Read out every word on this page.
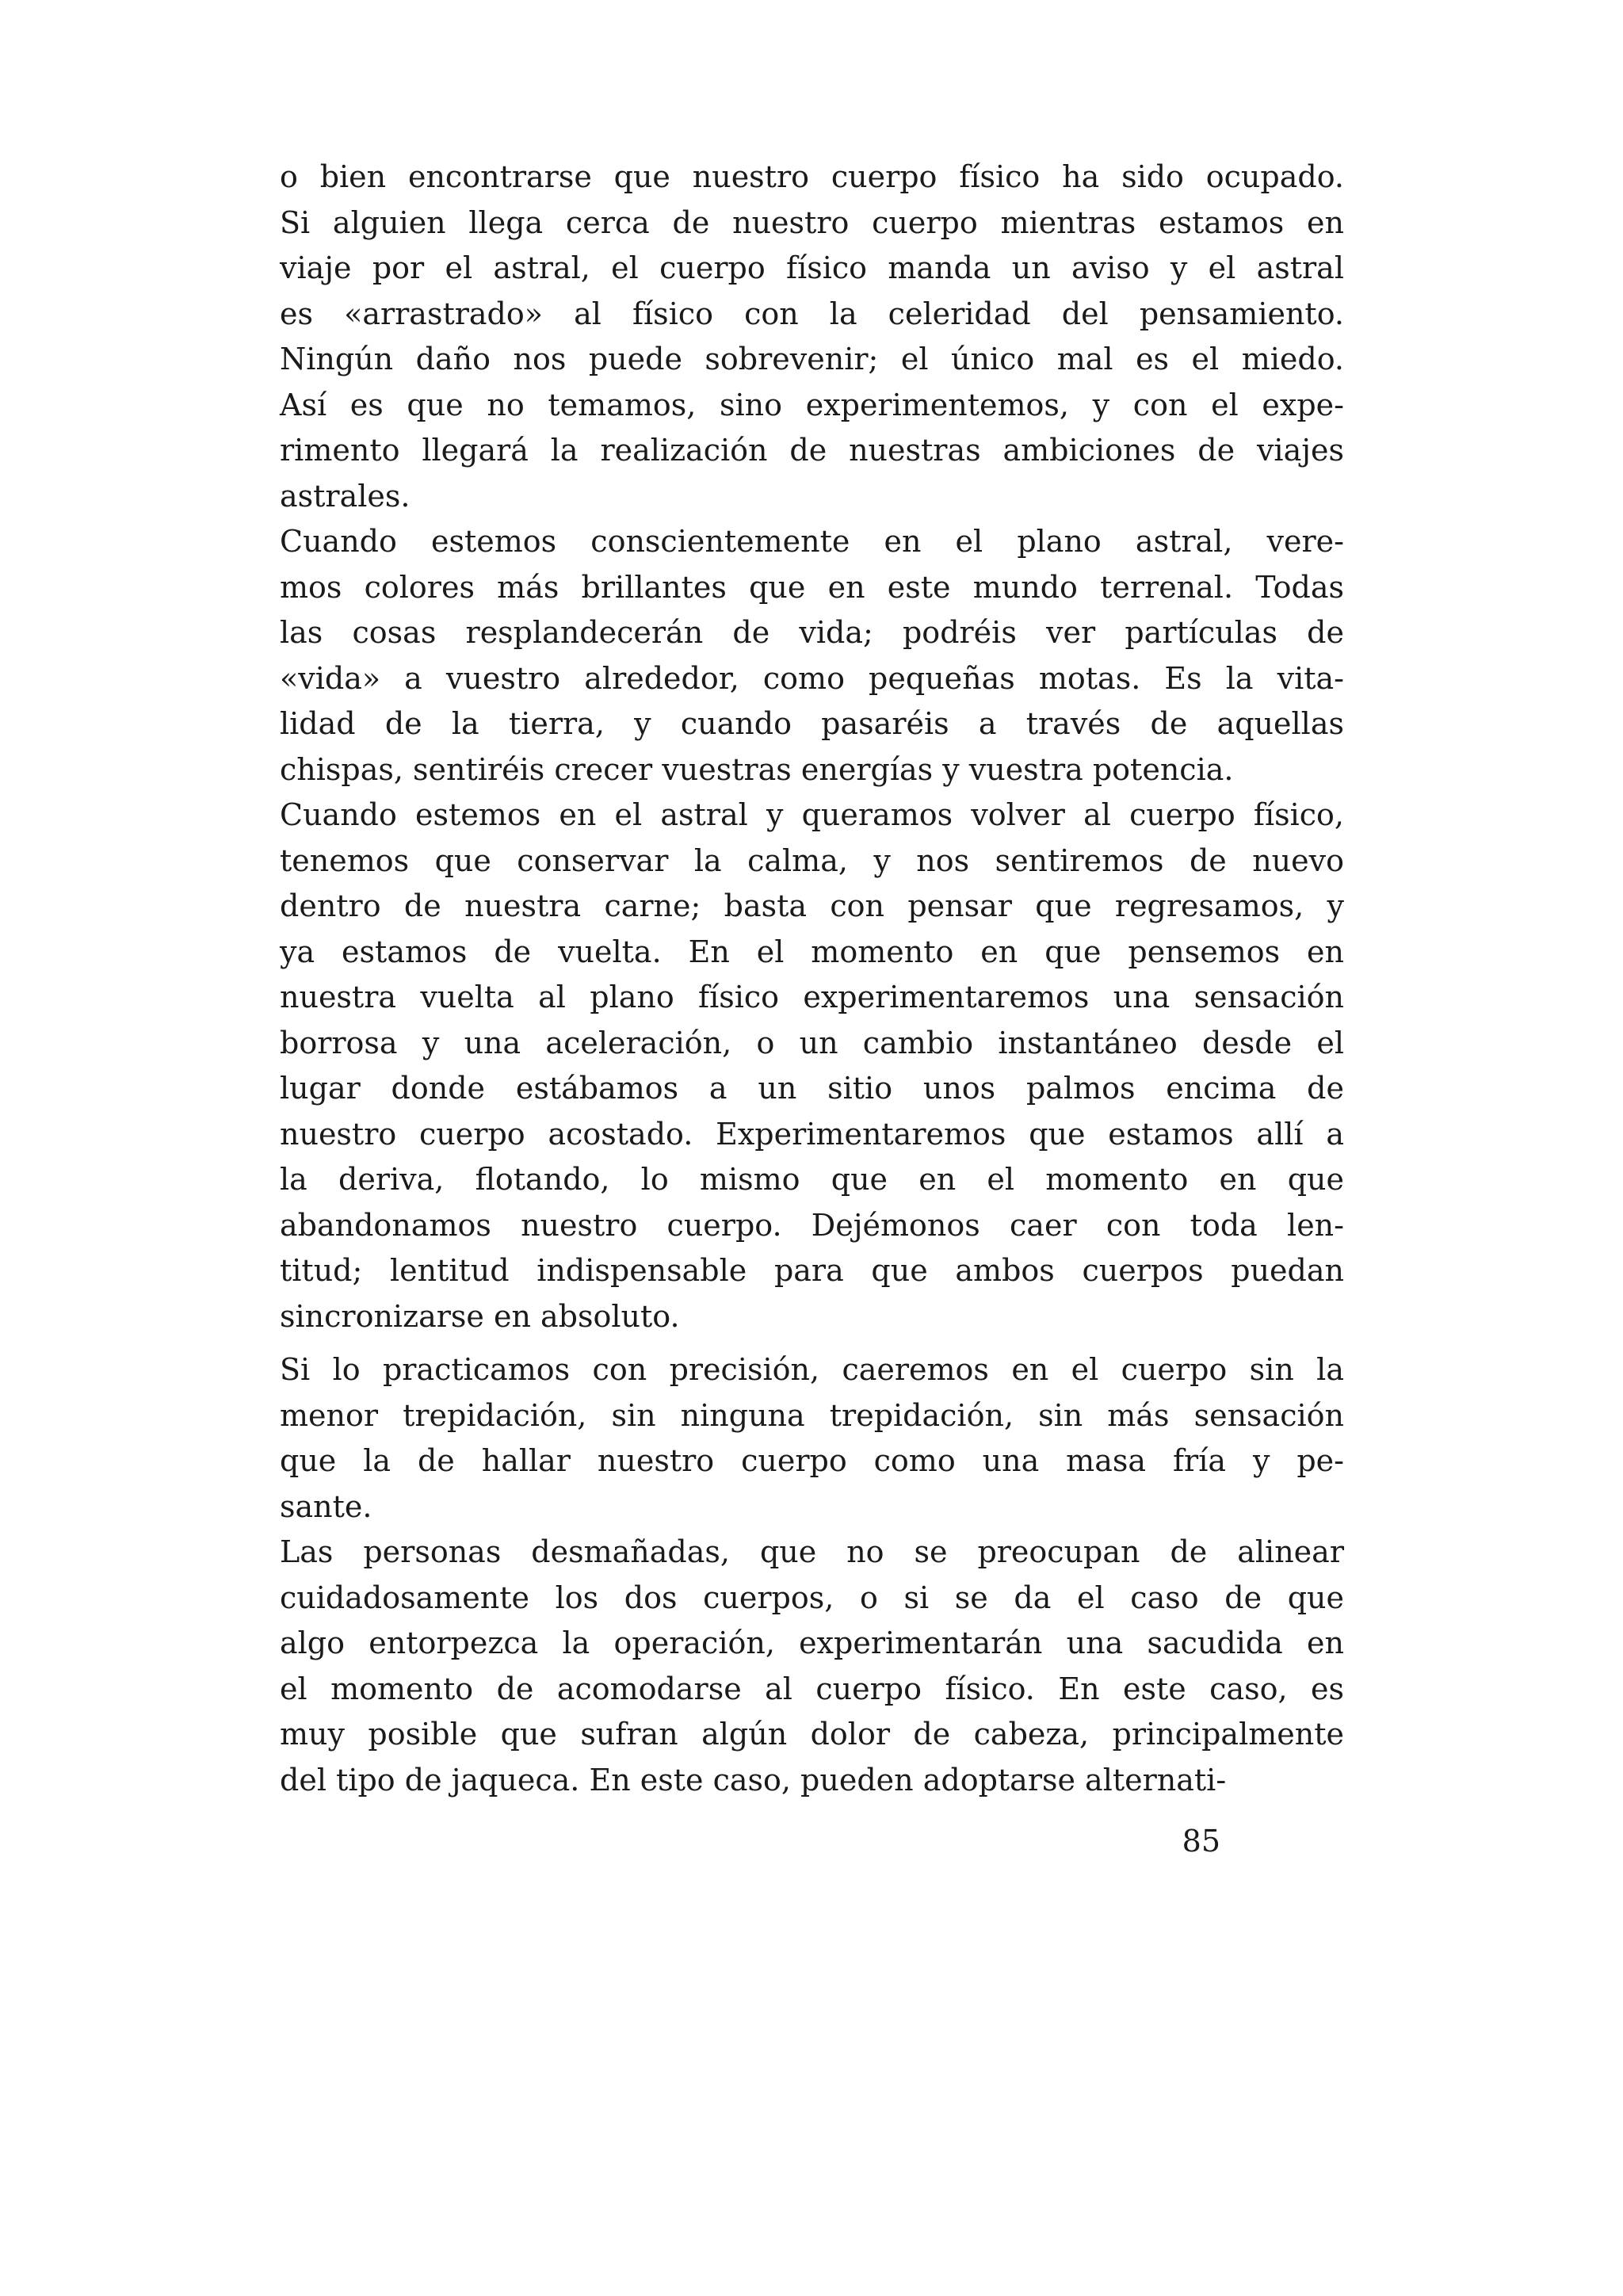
o bien encontrarse que nuestro cuerpo físico ha sido ocupado.
Si alguien llega cerca de nuestro cuerpo mientras estamos en
viaje por el astral, el cuerpo físico manda un aviso y el astral
es «arrastrado» al físico con la celeridad del pensamiento.
Ningún daño nos puede sobrevenir; el único mal es el miedo.
Así es que no temamos, sino experimentemos, y con el expe-
rimento llegará la realización de nuestras ambiciones de viajes
astrales.
Cuando estemos conscientemente en el plano astral, vere-
mos colores más brillantes que en este mundo terrenal. Todas
las cosas resplandecerán de vida; podréis ver partículas de
«vida» a vuestro alrededor, como pequeñas motas. Es la vita-
lidad de la tierra, y cuando pasaréis a través de aquellas
chispas, sentiréis crecer vuestras energías y vuestra potencia.
Cuando estemos en el astral y queramos volver al cuerpo físico,
tenemos que conservar la calma, y nos sentiremos de nuevo
dentro de nuestra carne; basta con pensar que regresamos, y
ya estamos de vuelta. En el momento en que pensemos en
nuestra vuelta al plano físico experimentaremos una sensación
borrosa y una aceleración, o un cambio instantáneo desde el
lugar donde estábamos a un sitio unos palmos encima de
nuestro cuerpo acostado. Experimentaremos que estamos allí a
la deriva, flotando, lo mismo que en el momento en que
abandonamos nuestro cuerpo. Dejémonos caer con toda len-
titud; lentitud indispensable para que ambos cuerpos puedan
sincronizarse en absoluto.
Si lo practicamos con precisión, caeremos en el cuerpo sin la
menor trepidación, sin ninguna trepidación, sin más sensación
que la de hallar nuestro cuerpo como una masa fría y pe-
sante.
Las personas desmañadas, que no se preocupan de alinear
cuidadosamente los dos cuerpos, o si se da el caso de que
algo entorpezca la operación, experimentarán una sacudida en
el momento de acomodarse al cuerpo físico. En este caso, es
muy posible que sufran algún dolor de cabeza, principalmente
del tipo de jaqueca. En este caso, pueden adoptarse alternati-
85
